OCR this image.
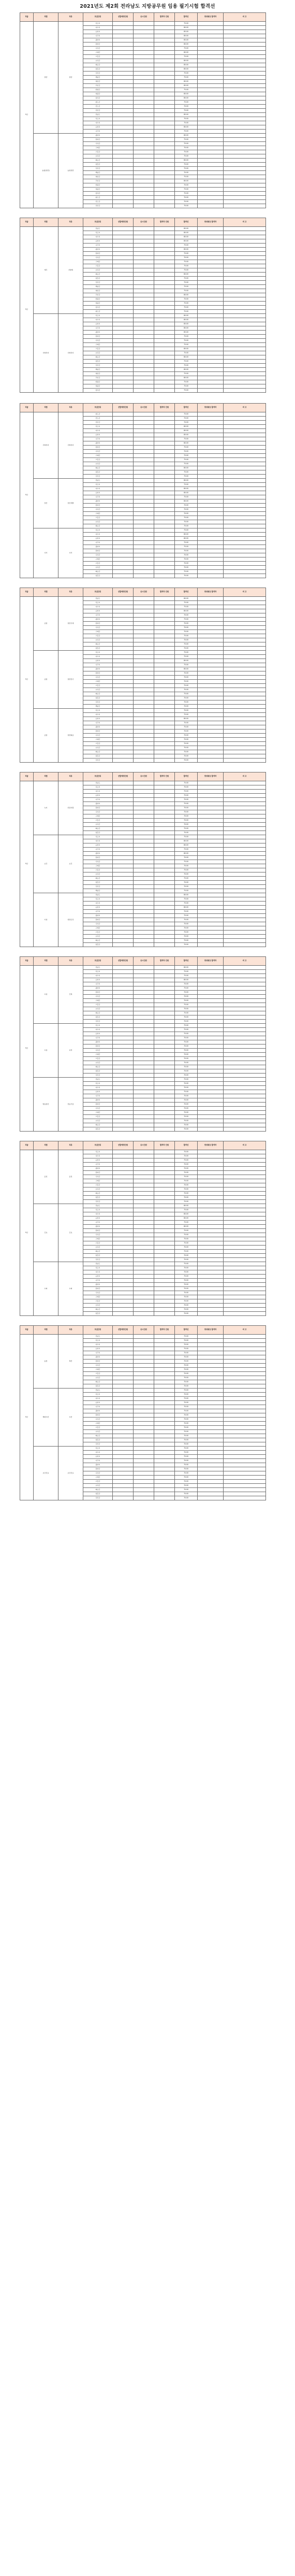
2021년도 제2회 전라남도 지방공무원 임용 필기시험 합격선
직급	직렬	직류	모집단위	선발예정인원	응시인원	합격자 인원	합격선	양성평등 합격자	비 고
9급	일반	일반	목포시				75.00		
			여수시				80.00		
			순천시				85.00		
			나주시				80.00		
			광양시				85.00		
			담양군				80.00		
			곡성군				75.00		
			구례군				80.00		
			고흥군				75.00		
			보성군				80.00		
			화순군				85.00		
			장흥군				80.00		
			강진군				75.00		
			해남군				75.00		
			영암군				80.00		
			무안군				85.00		
			함평군				75.00		
			영광군				80.00		
			장성군				80.00		
			완도군				75.00		
			진도군				70.00		
			신안군				75.00		
			전남도				85.00		
			목포시				70.00		
			여수시				75.00		
			순천시				80.00		
			나주시				75.00		
	농업(일반)	농업일반	광양시				80.00		
			담양군				75.00		
			곡성군				75.00		
			구례군				70.00		
			고흥군				75.00		
			보성군				75.00		
			화순군				80.00		
			장흥군				75.00		
			강진군				75.00		
			해남군				70.00		
			영암군				75.00		
			무안군				80.00		
			함평군				70.00		
			영광군				75.00		
			장성군				75.00		
			완도군				70.00		
			진도군				70.00		
			신안군				70.00		
직급	직렬	직류	모집단위	선발예정인원	응시인원	합격자 인원	합격선	양성평등 합격자	비 고
9급	세무	지방세	전남도				85.00		
			목포시				80.00		
			여수시				80.00		
			순천시				85.00		
			나주시				75.00		
			광양시				80.00		
			담양군				75.00		
			곡성군				70.00		
			구례군				75.00		
			고흥군				75.00		
			보성군				75.00		
			화순군				80.00		
			장흥군				75.00		
			강진군				75.00		
			해남군				75.00		
			영암군				75.00		
			무안군				80.00		
			함평군				70.00		
			영광군				75.00		
			장성군				75.00		
			완도군				75.00		
	사회복지	사회복지	목포시				80.00		
			여수시				80.00		
			순천시				85.00		
			나주시				80.00		
			광양시				85.00		
			담양군				75.00		
			곡성군				75.00		
			구례군				75.00		
			고흥군				80.00		
			보성군				75.00		
			화순군				80.00		
			장흥군				75.00		
			강진군				75.00		
			해남군				80.00		
			영암군				75.00		
			무안군				80.00		
			함평군				75.00		
			영광군				75.00		
			장성군				75.00		
직급	직렬	직류	모집단위	선발예정인원	응시인원	합격자 인원	합격선	양성평등 합격자	비 고
9급	사회복지	사회복지	완도군				75.00		
			진도군				70.00		
			신안군				70.00		
			목포시				80.00		
			여수시				80.00		
			순천시				85.00		
			나주시				75.00		
			광양시				80.00		
			담양군				75.00		
			곡성군				70.00		
			구례군				75.00		
			고흥군				75.00		
			보성군				75.00		
			화순군				80.00		
			장흥군				75.00		
			강진군				75.00		
	전산	전산개발	전남도				80.00		
			목포시				75.00		
			여수시				80.00		
			순천시				80.00		
			나주시				75.00		
			광양시				80.00		
			담양군				70.00		
			곡성군				70.00		
			구례군				70.00		
			고흥군				75.00		
			보성군				70.00		
			화순군				75.00		
	사서	사서	목포시				75.00		
			여수시				80.00		
			순천시				80.00		
			나주시				75.00		
			광양시				75.00		
			담양군				70.00		
			곡성군				70.00		
			구례군				70.00		
			고흥군				70.00		
			보성군				70.00		
			화순군				75.00		
			장흥군				70.00		
직급	직렬	직류	모집단위	선발예정인원	응시인원	합격자 인원	합격선	양성평등 합격자	비 고
9급	공업	일반기계	전남도				80.00		
			목포시				75.00		
			여수시				75.00		
			순천시				80.00		
			나주시				70.00		
			광양시				75.00		
			담양군				70.00		
			곡성군				70.00		
			구례군				70.00		
			고흥군				75.00		
			보성군				70.00		
			화순군				75.00		
			장흥군				70.00		
	공업	일반전기	목포시				75.00		
			여수시				75.00		
			순천시				80.00		
			나주시				75.00		
			광양시				80.00		
			담양군				70.00		
			곡성군				70.00		
			구례군				70.00		
			고흥군				75.00		
			보성군				70.00		
			화순군				75.00		
			장흥군				70.00		
			강진군				70.00		
			해남군				70.00		
	공업	일반화공	목포시				70.00		
			여수시				75.00		
			순천시				80.00		
			나주시				70.00		
			광양시				75.00		
			담양군				70.00		
			곡성군				70.00		
			구례군				70.00		
			고흥군				70.00		
			보성군				70.00		
			화순군				70.00		
			장흥군				70.00		
			강진군				70.00		
직급	직렬	직류	모집단위	선발예정인원	응시인원	합격자 인원	합격선	양성평등 합격자	비 고
9급	녹지	산림자원	전남도				75.00		
			목포시				70.00		
			여수시				75.00		
			순천시				75.00		
			나주시				70.00		
			광양시				75.00		
			담양군				70.00		
			곡성군				70.00		
			구례군				70.00		
			고흥군				70.00		
			보성군				70.00		
			화순군				75.00		
			장흥군				70.00		
	보건	보건	목포시				75.00		
			여수시				80.00		
			순천시				80.00		
			나주시				75.00		
			광양시				80.00		
			담양군				70.00		
			곡성군				75.00		
			구례군				70.00		
			고흥군				75.00		
			보성군				70.00		
			화순군				75.00		
			장흥군				70.00		
			강진군				70.00		
			해남군				75.00		
	시설	일반토목	전남도				80.00		
			목포시				75.00		
			여수시				75.00		
			순천시				80.00		
			나주시				70.00		
			광양시				75.00		
			담양군				70.00		
			곡성군				70.00		
			구례군				70.00		
			고흥군				70.00		
			보성군				70.00		
			화순군				75.00		
			장흥군				70.00		
직급	직렬	직류	모집단위	선발예정인원	응시인원	합격자 인원	합격선	양성평등 합격자	비 고
9급	시설	건축	전남도				80.00		
			목포시				75.00		
			여수시				75.00		
			순천시				80.00		
			나주시				70.00		
			광양시				75.00		
			담양군				70.00		
			곡성군				70.00		
			구례군				70.00		
			고흥군				75.00		
			보성군				70.00		
			화순군				75.00		
			장흥군				70.00		
			강진군				70.00		
	시설	지적	목포시				75.00		
			여수시				75.00		
			순천시				75.00		
			나주시				70.00		
			광양시				75.00		
			담양군				70.00		
			곡성군				70.00		
			구례군				70.00		
			고흥군				70.00		
			보성군				70.00		
			화순군				70.00		
			장흥군				70.00		
			강진군				70.00		
	방송통신	전송기술	전남도				75.00		
			목포시				70.00		
			여수시				70.00		
			순천시				75.00		
			나주시				70.00		
			광양시				70.00		
			담양군				70.00		
			곡성군				70.00		
			구례군				70.00		
			고흥군				70.00		
			보성군				70.00		
			화순군				70.00		
			장흥군				70.00		
직급	직렬	직류	모집단위	선발예정인원	응시인원	합격자 인원	합격선	양성평등 합격자	비 고
9급	운전	운전	목포시				70.00		
			여수시				70.00		
			순천시				75.00		
			나주시				70.00		
			광양시				70.00		
			담양군				70.00		
			곡성군				70.00		
			구례군				70.00		
			고흥군				70.00		
			보성군				70.00		
			화순군				70.00		
			장흥군				70.00		
			강진군				70.00		
	간호	간호	전남도				80.00		
			목포시				75.00		
			여수시				80.00		
			순천시				80.00		
			나주시				75.00		
			광양시				80.00		
			담양군				75.00		
			곡성군				75.00		
			구례군				70.00		
			고흥군				75.00		
			보성군				70.00		
			화순군				75.00		
			장흥군				70.00		
			강진군				70.00		
	수의	수의	전남도				75.00		
			목포시				70.00		
			여수시				70.00		
			순천시				75.00		
			나주시				70.00		
			광양시				70.00		
			담양군				70.00		
			곡성군				70.00		
			구례군				70.00		
			고흥군				70.00		
			보성군				70.00		
			화순군				70.00		
			장흥군				70.00		
직급	직렬	직류	모집단위	선발예정인원	응시인원	합격자 인원	합격선	양성평등 합격자	비 고
9급	농업	축산	전남도				75.00		
			목포시				70.00		
			여수시				70.00		
			순천시				75.00		
			나주시				70.00		
			광양시				70.00		
			담양군				70.00		
			곡성군				70.00		
			구례군				70.00		
			고흥군				70.00		
			보성군				70.00		
			화순군				70.00		
			장흥군				70.00		
	해양수산	수산	전남도				75.00		
			목포시				70.00		
			여수시				75.00		
			순천시				70.00		
			나주시				70.00		
			광양시				75.00		
			담양군				70.00		
			곡성군				70.00		
			구례군				70.00		
			고흥군				70.00		
			보성군				70.00		
			화순군				70.00		
			장흥군				70.00		
			강진군				70.00		
	보건진료	보건진료	목포시				70.00		
			여수시				70.00		
			순천시				75.00		
			나주시				70.00		
			광양시				70.00		
			담양군				70.00		
			곡성군				70.00		
			구례군				70.00		
			고흥군				70.00		
			보성군				70.00		
			화순군				70.00		
			장흥군				70.00		
			강진군				70.00		
